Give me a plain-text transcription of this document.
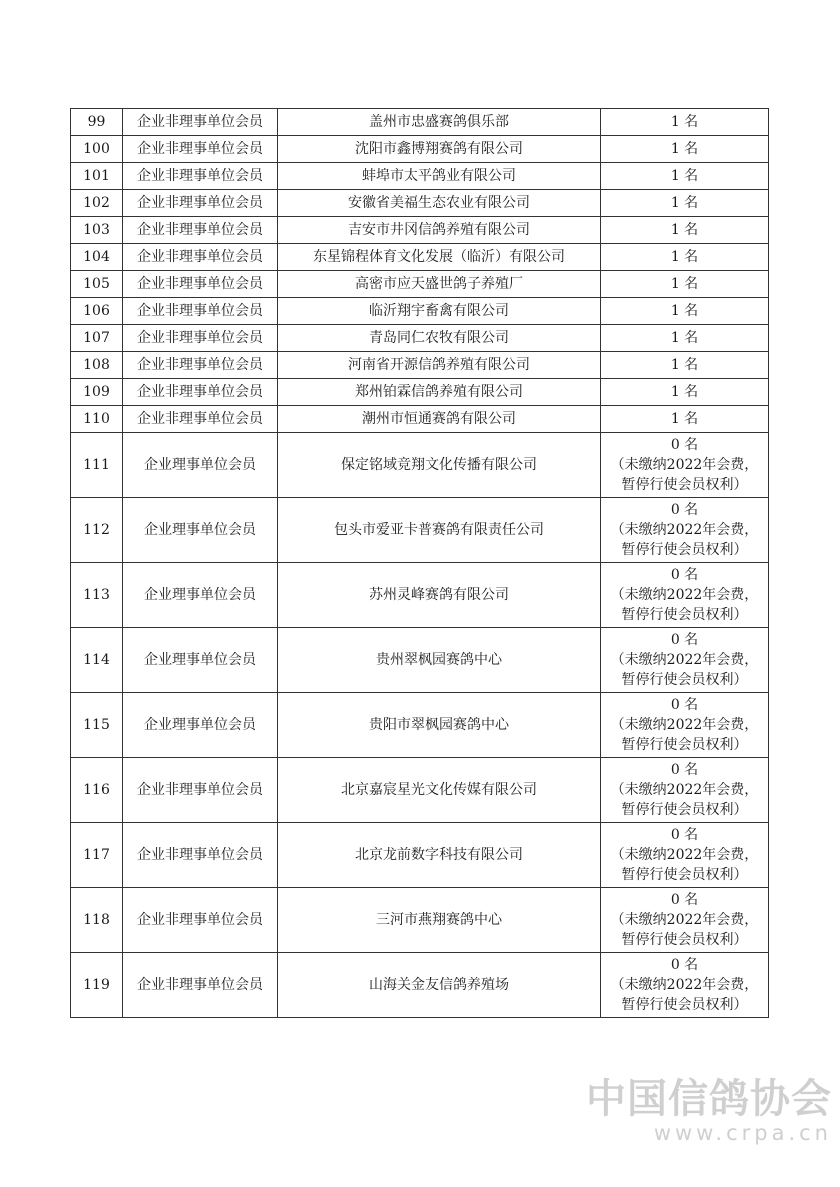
99	企业非理事单位会员	盖州市忠盛赛鸽俱乐部	1 名

100	企业非理事单位会员	沈阳市鑫博翔赛鸽有限公司	1 名

101	企业非理事单位会员	蚌埠市太平鸽业有限公司	1 名

102	企业非理事单位会员	安徽省美福生态农业有限公司	1 名

103	企业非理事单位会员	吉安市井冈信鸽养殖有限公司	1 名

104	企业非理事单位会员	东星锦程体育文化发展（临沂）有限公司	1 名

105	企业非理事单位会员	高密市应天盛世鸽子养殖厂	1 名

106	企业非理事单位会员	临沂翔宇畜禽有限公司	1 名

107	企业非理事单位会员	青岛同仁农牧有限公司	1 名

108	企业非理事单位会员	河南省开源信鸽养殖有限公司	1 名

109	企业非理事单位会员	郑州铂霖信鸽养殖有限公司	1 名

110	企业非理事单位会员	潮州市恒通赛鸽有限公司	1 名

111	企业理事单位会员	保定铭域竞翔文化传播有限公司	0 名
（未缴纳2022年会费，
暂停行使会员权利）

112	企业理事单位会员	包头市爱亚卡普赛鸽有限责任公司	0 名
（未缴纳2022年会费，
暂停行使会员权利）

113	企业理事单位会员	苏州灵峰赛鸽有限公司	0 名
（未缴纳2022年会费，
暂停行使会员权利）

114	企业理事单位会员	贵州翠枫园赛鸽中心	0 名
（未缴纳2022年会费，
暂停行使会员权利）

115	企业理事单位会员	贵阳市翠枫园赛鸽中心	0 名
（未缴纳2022年会费，
暂停行使会员权利）

116	企业非理事单位会员	北京嘉宸星光文化传媒有限公司	0 名
（未缴纳2022年会费，
暂停行使会员权利）

117	企业非理事单位会员	北京龙前数字科技有限公司	0 名
（未缴纳2022年会费，
暂停行使会员权利）

118	企业非理事单位会员	三河市燕翔赛鸽中心	0 名
（未缴纳2022年会费，
暂停行使会员权利）

119	企业非理事单位会员	山海关金友信鸽养殖场	0 名
（未缴纳2022年会费，
暂停行使会员权利）
中国信鸽协会
www.crpa.cn
